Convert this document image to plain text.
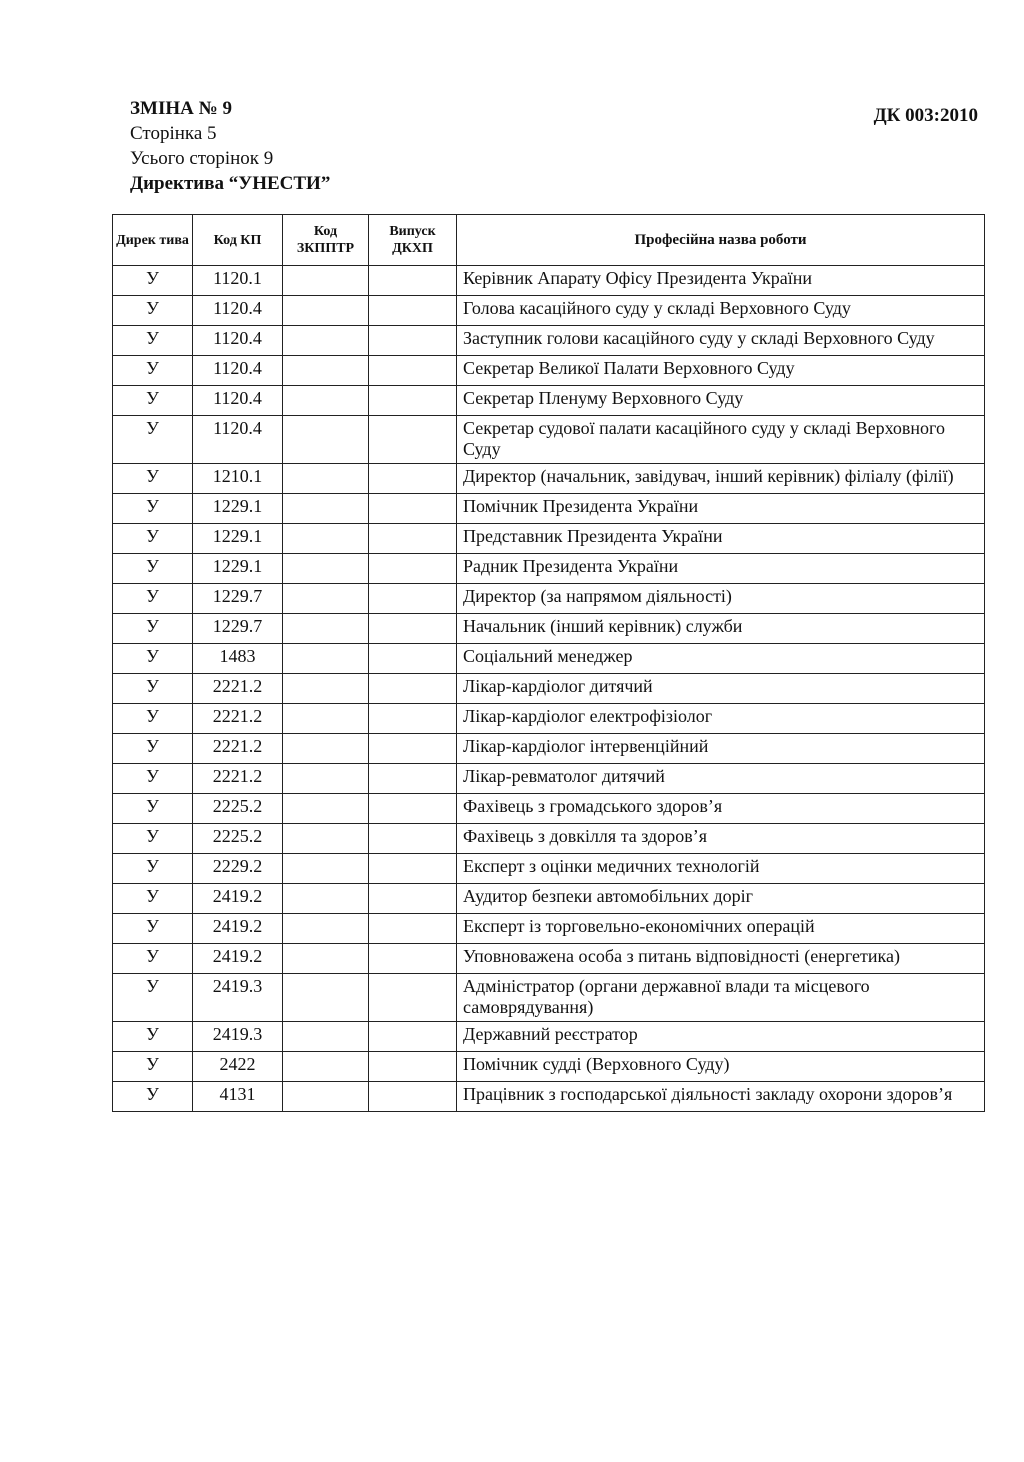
ЗМІНА № 9
Сторінка 5
Усього сторінок 9
Директива “УНЕСТИ”
ДК 003:2010
Дирек тива	Код КП	Код ЗКППТР	Випуск ДКХП	Професійна назва роботи
У	1120.1			Керівник Апарату Офісу Президента України
У	1120.4			Голова касаційного суду у складі Верховного Суду
У	1120.4			Заступник голови касаційного суду у складі Верховного Суду
У	1120.4			Секретар Великої Палати Верховного Суду
У	1120.4			Секретар Пленуму Верховного Суду
У	1120.4			Секретар судової палати касаційного суду у складі Верховного Суду
У	1210.1			Директор (начальник, завідувач, інший керівник) філіалу (філії)
У	1229.1			Помічник Президента України
У	1229.1			Представник Президента України
У	1229.1			Радник Президента України
У	1229.7			Директор (за напрямом діяльності)
У	1229.7			Начальник (інший керівник) служби
У	1483			Соціальний менеджер
У	2221.2			Лікар-кардіолог дитячий
У	2221.2			Лікар-кардіолог електрофізіолог
У	2221.2			Лікар-кардіолог інтервенційний
У	2221.2			Лікар-ревматолог дитячий
У	2225.2			Фахівець з громадського здоров’я
У	2225.2			Фахівець з довкілля та здоров’я
У	2229.2			Експерт з оцінки медичних технологій
У	2419.2			Аудитор безпеки автомобільних доріг
У	2419.2			Експерт із торговельно-економічних операцій
У	2419.2			Уповноважена особа з питань відповідності (енергетика)
У	2419.3			Адміністратор (органи державної влади та місцевого самоврядування)
У	2419.3			Державний реєстратор
У	2422			Помічник судді (Верховного Суду)
У	4131			Працівник з господарської діяльності закладу охорони здоров’я
